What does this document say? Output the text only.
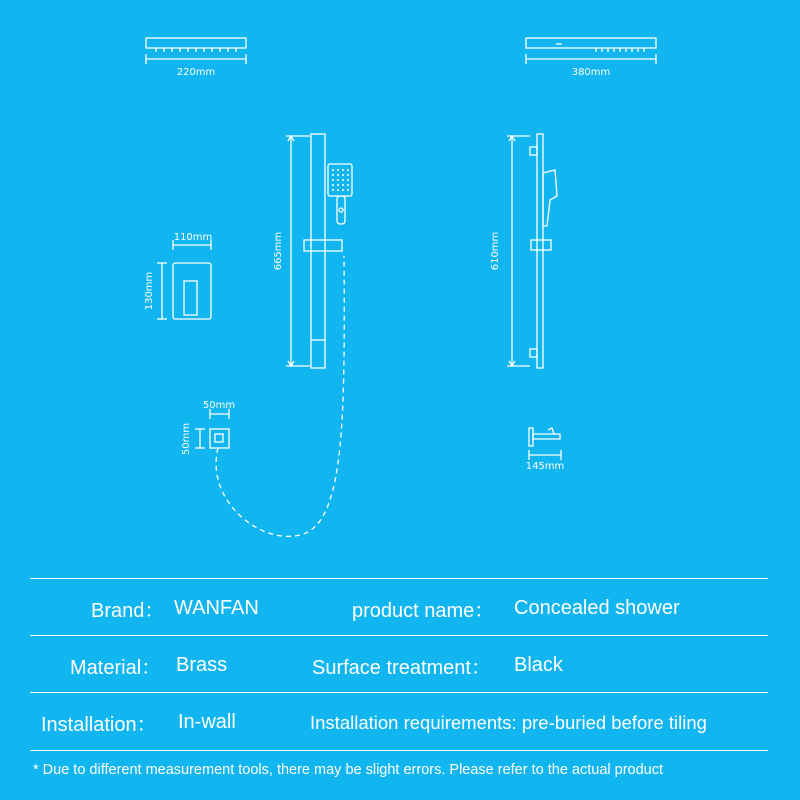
220mm	380mm
110mm
130mm
665mm	610mm
50mm
50mm
145mm
Brand： WANFAN	product name： Concealed shower
Material： Brass	Surface treatment： Black
Installation： In-wall	Installation requirements: pre-buried before tiling
* Due to different measurement tools, there may be slight errors. Please refer to the actual product
